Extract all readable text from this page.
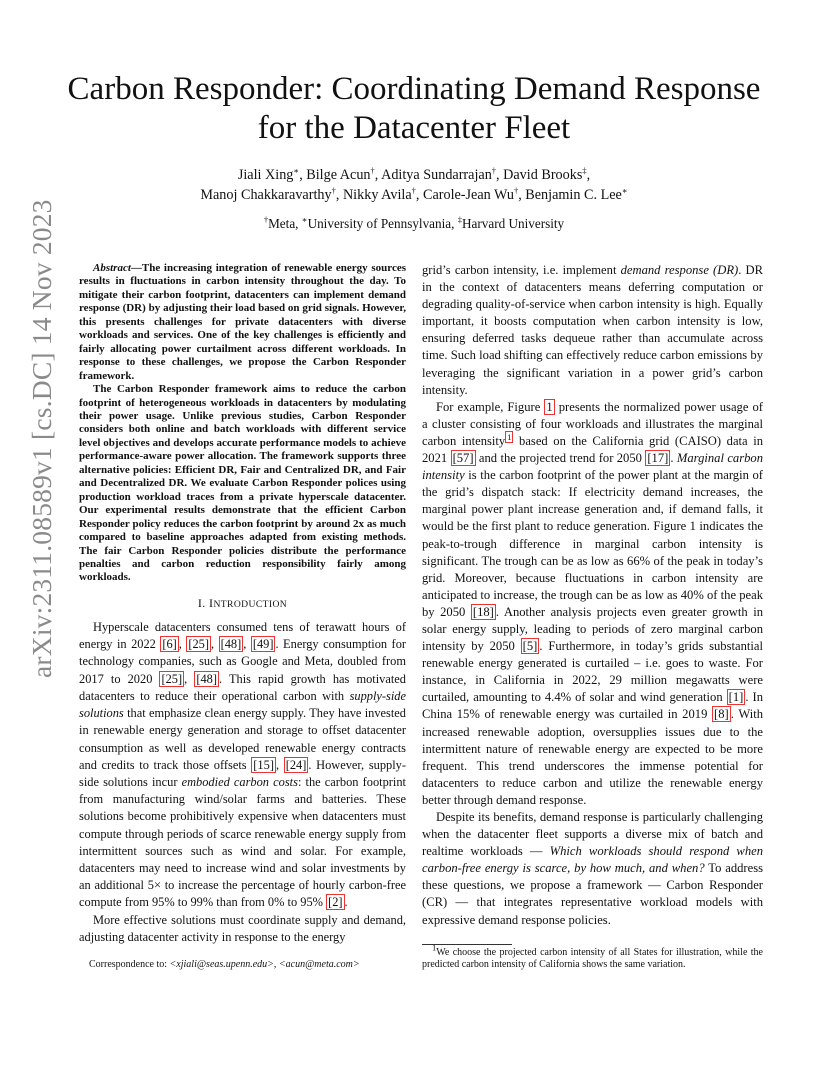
arXiv:2311.08589v1 [cs.DC] 14 Nov 2023
Carbon Responder: Coordinating Demand Response
for the Datacenter Fleet
Jiali Xing∗, Bilge Acun†, Aditya Sundarrajan†, David Brooks‡,
Manoj Chakkaravarthy†, Nikky Avila†, Carole-Jean Wu†, Benjamin C. Lee∗
†Meta, ∗University of Pennsylvania, ‡Harvard University

Abstract—The increasing integration of renewable energy sources results in fluctuations in carbon intensity throughout the day. To mitigate their carbon footprint, datacenters can implement demand response (DR) by adjusting their load based on grid signals. However, this presents challenges for private datacenters with diverse workloads and services. One of the key challenges is efficiently and fairly allocating power curtailment across different workloads. In response to these challenges, we propose the Carbon Responder framework.

The Carbon Responder framework aims to reduce the carbon footprint of heterogeneous workloads in datacenters by modulating their power usage. Unlike previous studies, Carbon Responder considers both online and batch workloads with different service level objectives and develops accurate performance models to achieve performance-aware power allocation. The framework supports three alternative policies: Efficient DR, Fair and Centralized DR, and Fair and Decentralized DR. We evaluate Carbon Responder polices using production workload traces from a private hyperscale datacenter. Our experimental results demonstrate that the efficient Carbon Responder policy reduces the carbon footprint by around 2x as much compared to baseline approaches adapted from existing methods. The fair Carbon Responder policies distribute the performance penalties and carbon reduction responsibility fairly among workloads.

I. INTRODUCTION

Hyperscale datacenters consumed tens of terawatt hours of energy in 2022 [6] , [25] , [48] , [49] . Energy consumption for technology companies, such as Google and Meta, doubled from 2017 to 2020 [25] , [48] . This rapid growth has motivated datacenters to reduce their operational carbon with supply-side solutions that emphasize clean energy supply. They have invested in renewable energy generation and storage to offset datacenter consumption as well as developed renewable energy contracts and credits to track those offsets [15] , [24] . However, supply-side solutions incur embodied carbon costs: the carbon footprint from manufacturing wind/solar farms and batteries. These solutions become prohibitively expensive when datacenters must compute through periods of scarce renewable energy supply from intermittent sources such as wind and solar. For example, datacenters may need to increase wind and solar investments by an additional 5× to increase the percentage of hourly carbon-free compute from 95% to 99% than from 0% to 95% [2] .

More effective solutions must coordinate supply and demand, adjusting datacenter activity in response to the energy

grid’s carbon intensity, i.e. implement demand response (DR). DR in the context of datacenters means deferring computation or degrading quality-of-service when carbon intensity is high. Equally important, it boosts computation when carbon intensity is low, ensuring deferred tasks dequeue rather than accumulate across time. Such load shifting can effectively reduce carbon emissions by leveraging the significant variation in a power grid’s carbon intensity.

For example, Figure 1 presents the normalized power usage of a cluster consisting of four workloads and illustrates the marginal carbon intensity $^1$ based on the California grid (CAISO) data in 2021 [57] and the projected trend for 2050 [17] . Marginal carbon intensity is the carbon footprint of the power plant at the margin of the grid’s dispatch stack: If electricity demand increases, the marginal power plant increase generation and, if demand falls, it would be the first plant to reduce generation. Figure 1 indicates the peak-to-trough difference in marginal carbon intensity is significant. The trough can be as low as 66% of the peak in today’s grid. Moreover, because fluctuations in carbon intensity are anticipated to increase, the trough can be as low as 40% of the peak by 2050 [18] . Another analysis projects even greater growth in solar energy supply, leading to periods of zero marginal carbon intensity by 2050 [5] . Furthermore, in today’s grids substantial renewable energy generated is curtailed – i.e. goes to waste. For instance, in California in 2022, 29 million megawatts were curtailed, amounting to 4.4% of solar and wind generation [1] . In China 15% of renewable energy was curtailed in 2019 [8] . With increased renewable adoption, oversupplies issues due to the intermittent nature of renewable energy are expected to be more frequent. This trend underscores the immense potential for datacenters to reduce carbon and utilize the renewable energy better through demand response.

Despite its benefits, demand response is particularly challenging when the datacenter fleet supports a diverse mix of batch and realtime workloads — Which workloads should respond when carbon-free energy is scarce, by how much, and when? To address these questions, we propose a framework — Carbon Responder (CR) — that integrates representative workload models with expressive demand response policies.

$^1$We choose the projected carbon intensity of all States for illustration, while the predicted carbon intensity of California shows the same variation.
Correspondence to: <xjiali@seas.upenn.edu>, <acun@meta.com>
